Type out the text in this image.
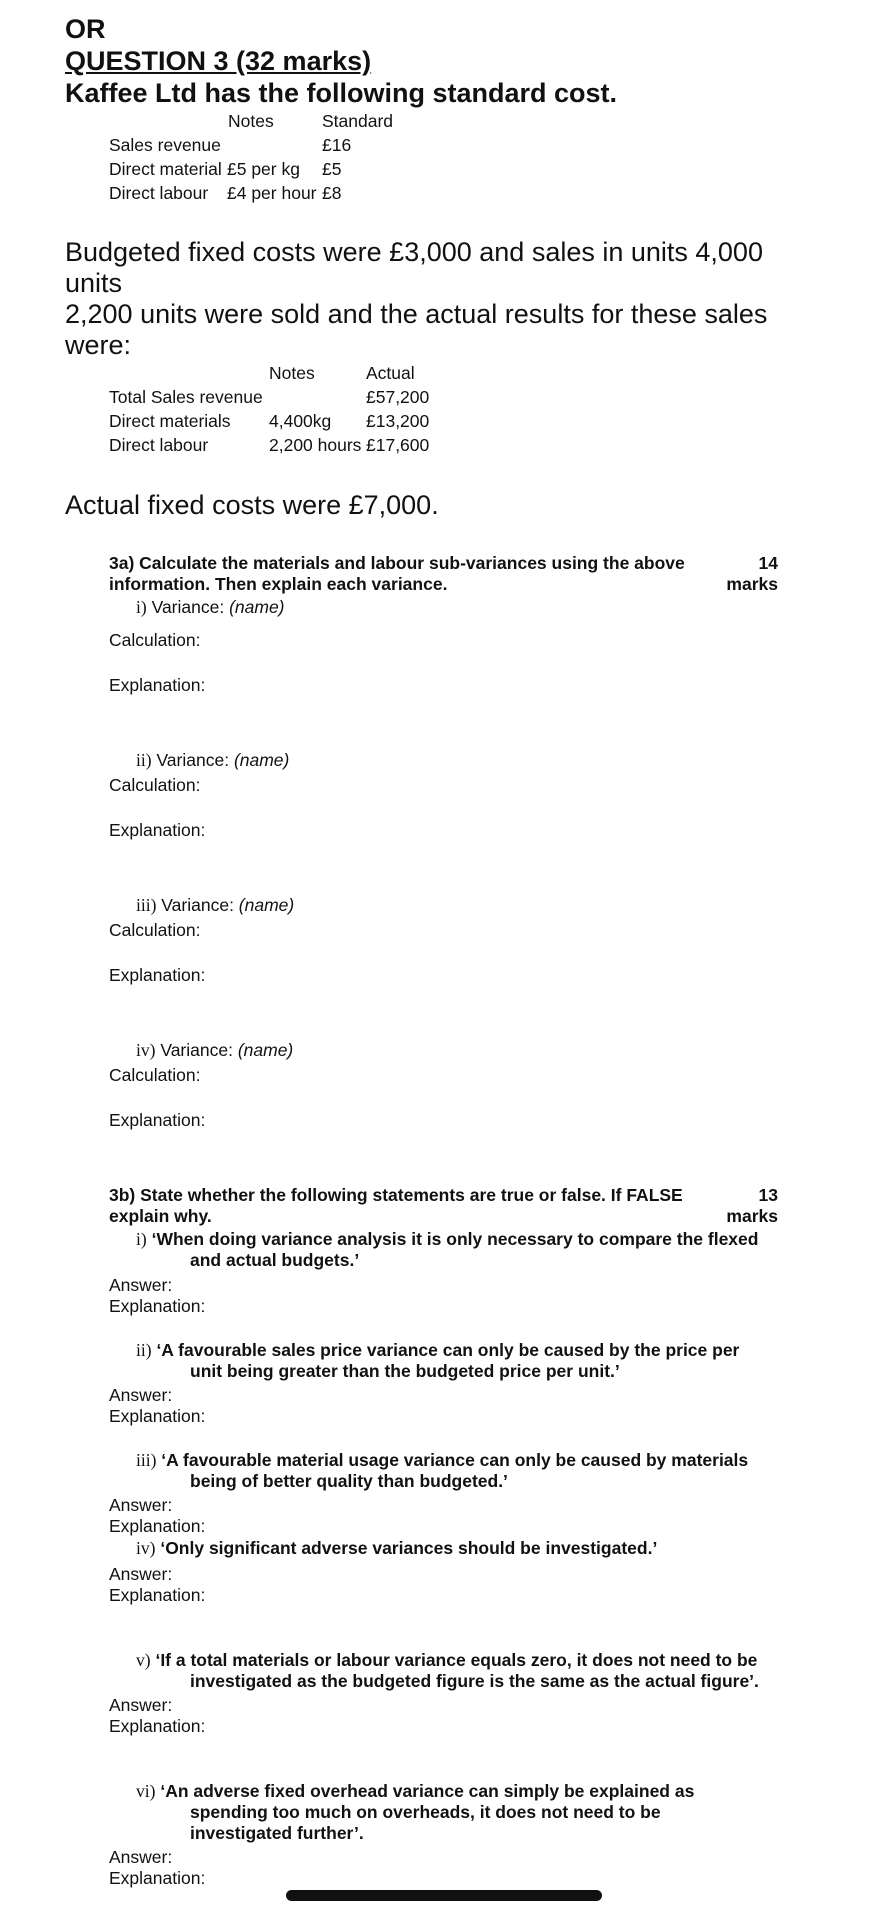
OR
QUESTION 3 (32 marks)
Kaffee Ltd has the following standard cost.
Notes	Standard
Sales revenue	£16
Direct material £5 per kg £5
Direct labour £4 per hour £8
Budgeted fixed costs were £3,000 and sales in units 4,000
units
2,200 units were sold and the actual results for these sales
were:
Notes	Actual
Total Sales revenue	£57,200
Direct materials 4,400kg £13,200
Direct labour	2,200 hours £17,600
Actual fixed costs were £7,000.
3a) Calculate the materials and labour sub-variances using the above
information. Then explain each variance.
14
marks
i) Variance: (name)
Calculation:
Explanation:
ii) Variance: (name)
Calculation:
Explanation:
iii) Variance: (name)
Calculation:
Explanation:
iv) Variance: (name)
Calculation:
Explanation:
3b) State whether the following statements are true or false. If FALSE
explain why.
13
marks
i) ‘When doing variance analysis it is only necessary to compare the flexed
and actual budgets.’
Answer:
Explanation:
ii) ‘A favourable sales price variance can only be caused by the price per
unit being greater than the budgeted price per unit.’
Answer:
Explanation:
iii) ‘A favourable material usage variance can only be caused by materials
being of better quality than budgeted.’
Answer:
Explanation:
iv) ‘Only significant adverse variances should be investigated.’
Answer:
Explanation:
v) ‘If a total materials or labour variance equals zero, it does not need to be
investigated as the budgeted figure is the same as the actual figure’.
Answer:
Explanation:
vi) ‘An adverse fixed overhead variance can simply be explained as
spending too much on overheads, it does not need to be
investigated further’.
Answer:
Explanation:
